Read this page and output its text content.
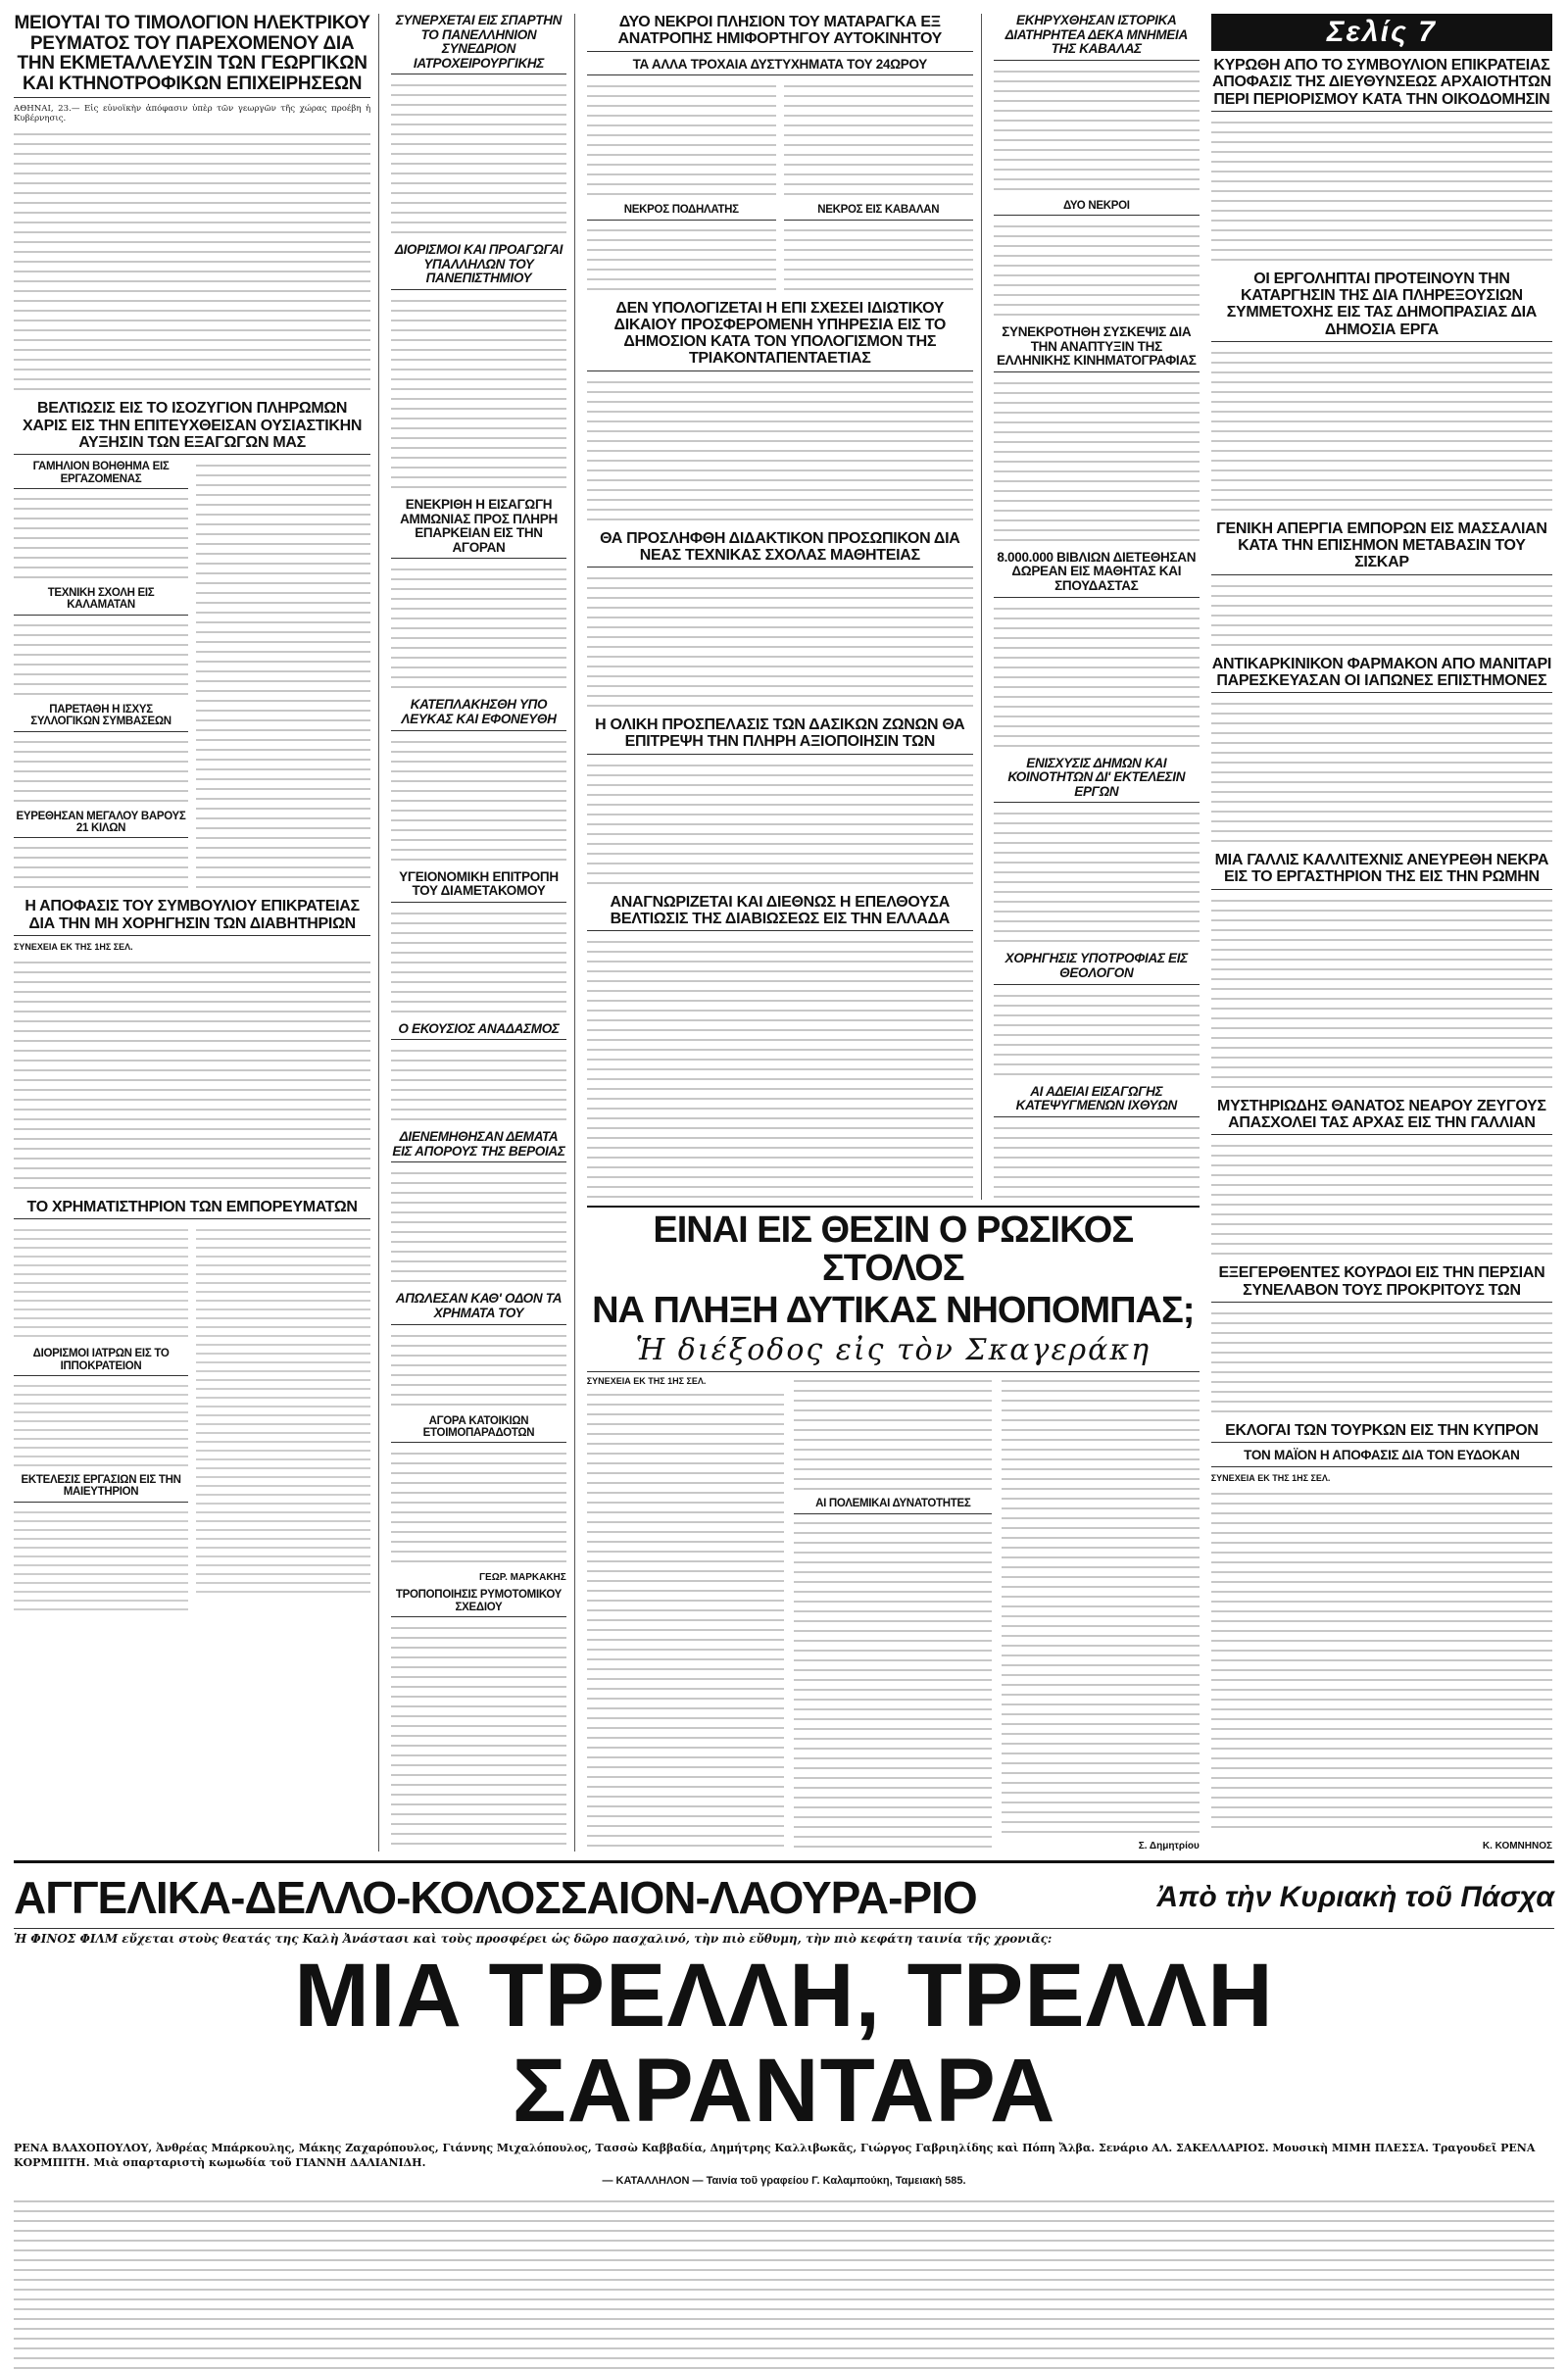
ΜΕΙΟΥΤΑΙ ΤΟ ΤΙΜΟΛΟΓΙΟΝ ΗΛΕΚΤΡΙΚΟΥ ΡΕΥΜΑΤΟΣ ΤΟΥ ΠΑΡΕΧΟΜΕΝΟΥ ΔΙΑ ΤΗΝ ΕΚΜΕΤΑΛΛΕΥΣΙΝ ΤΩΝ ΓΕΩΡΓΙΚΩΝ ΚΑΙ ΚΤΗΝΟΤΡΟΦΙΚΩΝ ΕΠΙΧΕΙΡΗΣΕΩΝ
ΑΘΗΝΑΙ, 23.— Εἰς εὐνοϊκὴν ἀπόφασιν ὑπὲρ τῶν γεωργῶν τῆς χώρας προέβη ἡ Κυβέρνησις.
ΒΕΛΤΙΩΣΙΣ ΕΙΣ ΤΟ ΙΣΟΖΥΓΙΟΝ ΠΛΗΡΩΜΩΝ ΧΑΡΙΣ ΕΙΣ ΤΗΝ ΕΠΙΤΕΥΧΘΕΙΣΑΝ ΟΥΣΙΑΣΤΙΚΗΝ ΑΥΞΗΣΙΝ ΤΩΝ ΕΞΑΓΩΓΩΝ ΜΑΣ
ΓΑΜΗΛΙΟΝ ΒΟΗΘΗΜΑ ΕΙΣ ΕΡΓΑΖΟΜΕΝΑΣ
ΤΕΧΝΙΚΗ ΣΧΟΛΗ ΕΙΣ ΚΑΛΑΜΑΤΑΝ
ΠΑΡΕΤΑΘΗ Η ΙΣΧΥΣ ΣΥΛΛΟΓΙΚΩΝ ΣΥΜΒΑΣΕΩΝ
ΕΥΡΕΘΗΣΑΝ ΜΕΓΑΛΟΥ ΒΑΡΟΥΣ 21 ΚΙΛΩΝ
Η ΑΠΟΦΑΣΙΣ ΤΟΥ ΣΥΜΒΟΥΛΙΟΥ ΕΠΙΚΡΑΤΕΙΑΣ ΔΙΑ ΤΗΝ ΜΗ ΧΟΡΗΓΗΣΙΝ ΤΩΝ ΔΙΑΒΗΤΗΡΙΩΝ
ΣΥΝΕΧΕΙΑ ΕΚ ΤΗΣ 1ΗΣ ΣΕΛ.
ΤΟ ΧΡΗΜΑΤΙΣΤΗΡΙΟΝ ΤΩΝ ΕΜΠΟΡΕΥΜΑΤΩΝ
ΔΙΟΡΙΣΜΟΙ ΙΑΤΡΩΝ ΕΙΣ ΤΟ ΙΠΠΟΚΡΑΤΕΙΟΝ
ΕΚΤΕΛΕΣΙΣ ΕΡΓΑΣΙΩΝ ΕΙΣ ΤΗΝ ΜΑΙΕΥΤΗΡΙΟΝ
ΣΥΝΕΡΧΕΤΑΙ ΕΙΣ ΣΠΑΡΤΗΝ ΤΟ ΠΑΝΕΛΛΗΝΙΟΝ ΣΥΝΕΔΡΙΟΝ ΙΑΤΡΟΧΕΙΡΟΥΡΓΙΚΗΣ
ΔΙΟΡΙΣΜΟΙ ΚΑΙ ΠΡΟΑΓΩΓΑΙ ΥΠΑΛΛΗΛΩΝ ΤΟΥ ΠΑΝΕΠΙΣΤΗΜΙΟΥ
ΕΝΕΚΡΙΘΗ Η ΕΙΣΑΓΩΓΗ ΑΜΜΩΝΙΑΣ ΠΡΟΣ ΠΛΗΡΗ ΕΠΑΡΚΕΙΑΝ ΕΙΣ ΤΗΝ ΑΓΟΡΑΝ
ΚΑΤΕΠΛΑΚΗΣΘΗ ΥΠΟ ΛΕΥΚΑΣ ΚΑΙ ΕΦΟΝΕΥΘΗ
ΥΓΕΙΟΝΟΜΙΚΗ ΕΠΙΤΡΟΠΗ ΤΟΥ ΔΙΑΜΕΤΑΚΟΜΟΥ
Ο ΕΚΟΥΣΙΟΣ ΑΝΑΔΑΣΜΟΣ
ΔΙΕΝΕΜΗΘΗΣΑΝ ΔΕΜΑΤΑ ΕΙΣ ΑΠΟΡΟΥΣ ΤΗΣ ΒΕΡΟΙΑΣ
ΑΠΩΛΕΣΑΝ ΚΑΘ' ΟΔΟΝ ΤΑ ΧΡΗΜΑΤΑ ΤΟΥ
ΑΓΟΡΑ ΚΑΤΟΙΚΙΩΝ ΕΤΟΙΜΟΠΑΡΑΔΟΤΩΝ
ΓΕΩΡ. ΜΑΡΚΑΚΗΣ
ΤΡΟΠΟΠΟΙΗΣΙΣ ΡΥΜΟΤΟΜΙΚΟΥ ΣΧΕΔΙΟΥ
ΔΥΟ ΝΕΚΡΟΙ ΠΛΗΣΙΟΝ ΤΟΥ ΜΑΤΑΡΑΓΚΑ ΕΞ ΑΝΑΤΡΟΠΗΣ ΗΜΙΦΟΡΤΗΓΟΥ ΑΥΤΟΚΙΝΗΤΟΥ
ΤΑ ΑΛΛΑ ΤΡΟΧΑΙΑ ΔΥΣΤΥΧΗΜΑΤΑ ΤΟΥ 24ΩΡΟΥ
ΝΕΚΡΟΣ ΠΟΔΗΛΑΤΗΣ	ΝΕΚΡΟΣ ΕΙΣ ΚΑΒΑΛΑΝ
ΔΕΝ ΥΠΟΛΟΓΙΖΕΤΑΙ Η ΕΠΙ ΣΧΕΣΕΙ ΙΔΙΩΤΙΚΟΥ ΔΙΚΑΙΟΥ ΠΡΟΣΦΕΡΟΜΕΝΗ ΥΠΗΡΕΣΙΑ ΕΙΣ ΤΟ ΔΗΜΟΣΙΟΝ ΚΑΤΑ ΤΟΝ ΥΠΟΛΟΓΙΣΜΟΝ ΤΗΣ ΤΡΙΑΚΟΝΤΑΠΕΝΤΑΕΤΙΑΣ
ΘΑ ΠΡΟΣΛΗΦΘΗ ΔΙΔΑΚΤΙΚΟΝ ΠΡΟΣΩΠΙΚΟΝ ΔΙΑ ΝΕΑΣ ΤΕΧΝΙΚΑΣ ΣΧΟΛΑΣ ΜΑΘΗΤΕΙΑΣ
Η ΟΛΙΚΗ ΠΡΟΣΠΕΛΑΣΙΣ ΤΩΝ ΔΑΣΙΚΩΝ ΖΩΝΩΝ ΘΑ ΕΠΙΤΡΕΨΗ ΤΗΝ ΠΛΗΡΗ ΑΞΙΟΠΟΙΗΣΙΝ ΤΩΝ
ΑΝΑΓΝΩΡΙΖΕΤΑΙ ΚΑΙ ΔΙΕΘΝΩΣ Η ΕΠΕΛΘΟΥΣΑ ΒΕΛΤΙΩΣΙΣ ΤΗΣ ΔΙΑΒΙΩΣΕΩΣ ΕΙΣ ΤΗΝ ΕΛΛΑΔΑ
ΕΚΗΡΥΧΘΗΣΑΝ ΙΣΤΟΡΙΚΑ ΔΙΑΤΗΡΗΤΕΑ ΔΕΚΑ ΜΝΗΜΕΙΑ ΤΗΣ ΚΑΒΑΛΑΣ
ΔΥΟ ΝΕΚΡΟΙ
ΣΥΝΕΚΡΟΤΗΘΗ ΣΥΣΚΕΨΙΣ ΔΙΑ ΤΗΝ ΑΝΑΠΤΥΞΙΝ ΤΗΣ ΕΛΛΗΝΙΚΗΣ ΚΙΝΗΜΑΤΟΓΡΑΦΙΑΣ
8.000.000 ΒΙΒΛΙΩΝ ΔΙΕΤΕΘΗΣΑΝ ΔΩΡΕΑΝ ΕΙΣ ΜΑΘΗΤΑΣ ΚΑΙ ΣΠΟΥΔΑΣΤΑΣ
ΕΝΙΣΧΥΣΙΣ ΔΗΜΩΝ ΚΑΙ ΚΟΙΝΟΤΗΤΩΝ ΔΙ' ΕΚΤΕΛΕΣΙΝ ΕΡΓΩΝ
ΧΟΡΗΓΗΣΙΣ ΥΠΟΤΡΟΦΙΑΣ ΕΙΣ ΘΕΟΛΟΓΟΝ
ΑΙ ΑΔΕΙΑΙ ΕΙΣΑΓΩΓΗΣ ΚΑΤΕΨΥΓΜΕΝΩΝ ΙΧΘΥΩΝ
ΕΙΝΑΙ ΕΙΣ ΘΕΣΙΝ Ο ΡΩΣΙΚΟΣ ΣΤΟΛΟΣ
ΝΑ ΠΛΗΞΗ ΔΥΤΙΚΑΣ ΝΗΟΠΟΜΠΑΣ;
Ἡ διέξοδος εἰς τὸν Σκαγεράκη
ΣΥΝΕΧΕΙΑ ΕΚ ΤΗΣ 1ΗΣ ΣΕΛ.
ΑΙ ΠΟΛΕΜΙΚΑΙ ΔΥΝΑΤΟΤΗΤΕΣ
Σ. Δημητρίου
Σελίς 7
ΚΥΡΩΘΗ ΑΠΟ ΤΟ ΣΥΜΒΟΥΛΙΟΝ ΕΠΙΚΡΑΤΕΙΑΣ ΑΠΟΦΑΣΙΣ ΤΗΣ ΔΙΕΥΘΥΝΣΕΩΣ ΑΡΧΑΙΟΤΗΤΩΝ ΠΕΡΙ ΠΕΡΙΟΡΙΣΜΟΥ ΚΑΤΑ ΤΗΝ ΟΙΚΟΔΟΜΗΣΙΝ
ΟΙ ΕΡΓΟΛΗΠΤΑΙ ΠΡΟΤΕΙΝΟΥΝ ΤΗΝ ΚΑΤΑΡΓΗΣΙΝ ΤΗΣ ΔΙΑ ΠΛΗΡΕΞΟΥΣΙΩΝ ΣΥΜΜΕΤΟΧΗΣ ΕΙΣ ΤΑΣ ΔΗΜΟΠΡΑΣΙΑΣ ΔΙΑ ΔΗΜΟΣΙΑ ΕΡΓΑ
ΓΕΝΙΚΗ ΑΠΕΡΓΙΑ ΕΜΠΟΡΩΝ ΕΙΣ ΜΑΣΣΑΛΙΑΝ ΚΑΤΑ ΤΗΝ ΕΠΙΣΗΜΟΝ ΜΕΤΑΒΑΣΙΝ ΤΟΥ ΣΙΣΚΑΡ
ΑΝΤΙΚΑΡΚΙΝΙΚΟΝ ΦΑΡΜΑΚΟΝ ΑΠΟ ΜΑΝΙΤΑΡΙ ΠΑΡΕΣΚΕΥΑΣΑΝ ΟΙ ΙΑΠΩΝΕΣ ΕΠΙΣΤΗΜΟΝΕΣ
ΜΙΑ ΓΑΛΛΙΣ ΚΑΛΛΙΤΕΧΝΙΣ ΑΝΕΥΡΕΘΗ ΝΕΚΡΑ ΕΙΣ ΤΟ ΕΡΓΑΣΤΗΡΙΟΝ ΤΗΣ ΕΙΣ ΤΗΝ ΡΩΜΗΝ
ΜΥΣΤΗΡΙΩΔΗΣ ΘΑΝΑΤΟΣ ΝΕΑΡΟΥ ΖΕΥΓΟΥΣ ΑΠΑΣΧΟΛΕΙ ΤΑΣ ΑΡΧΑΣ ΕΙΣ ΤΗΝ ΓΑΛΛΙΑΝ
ΕΞΕΓΕΡΘΕΝΤΕΣ ΚΟΥΡΔΟΙ ΕΙΣ ΤΗΝ ΠΕΡΣΙΑΝ ΣΥΝΕΛΑΒΟΝ ΤΟΥΣ ΠΡΟΚΡΙΤΟΥΣ ΤΩΝ
ΕΚΛΟΓΑΙ ΤΩΝ ΤΟΥΡΚΩΝ ΕΙΣ ΤΗΝ ΚΥΠΡΟΝ
ΤΟΝ ΜΑΪΟΝ Η ΑΠΟΦΑΣΙΣ ΔΙΑ ΤΟΝ ΕΥΔΟΚΑΝ
ΣΥΝΕΧΕΙΑ ΕΚ ΤΗΣ 1ΗΣ ΣΕΛ.
Κ. ΚΟΜΝΗΝΟΣ
ΑΓΓΕΛΙΚΑ-ΔΕΛΛΟ-ΚΟΛΟΣΣΑΙΟΝ-ΛΑΟΥΡΑ-ΡΙΟ	Ἀπὸ τὴν Κυριακὴ τοῦ Πάσχα
Ἡ ΦΙΝΟΣ ΦΙΛΜ εὔχεται στοὺς θεατάς της Καλὴ Ἀνάστασι καὶ τοὺς προσφέρει ὡς δῶρο πασχαλινό, τὴν πιὸ εὔθυμη, τὴν πιὸ κεφάτη ταινία τῆς χρονιᾶς:
ΜΙΑ ΤΡΕΛΛΗ, ΤΡΕΛΛΗ ΣΑΡΑΝΤΑΡΑ
ΡΕΝΑ ΒΛΑΧΟΠΟΥΛΟΥ, Ἀνθρέας Μπάρκουλης, Μάκης Ζαχαρόπουλος, Γιάννης Μιχαλόπουλος, Τασσὼ Καββαδία, Δημήτρης Καλλιβωκᾶς, Γιώργος Γαβριηλίδης καὶ Πόπη Ἄλβα. Σενάριο ΑΛ. ΣΑΚΕΛΛΑΡΙΟΣ. Μουσικὴ ΜΙΜΗ ΠΛΕΣΣΑ. Τραγουδεῖ ΡΕΝΑ ΚΟΡΜΠΙΤΗ. Μιὰ σπαρταριστὴ κωμωδία τοῦ ΓΙΑΝΝΗ ΔΑΛΙΑΝΙΔΗ.
— ΚΑΤΑΛΛΗΛΟΝ — Ταινία τοῦ γραφείου Γ. Καλαμπούκη, Ταμειακὴ 585.
